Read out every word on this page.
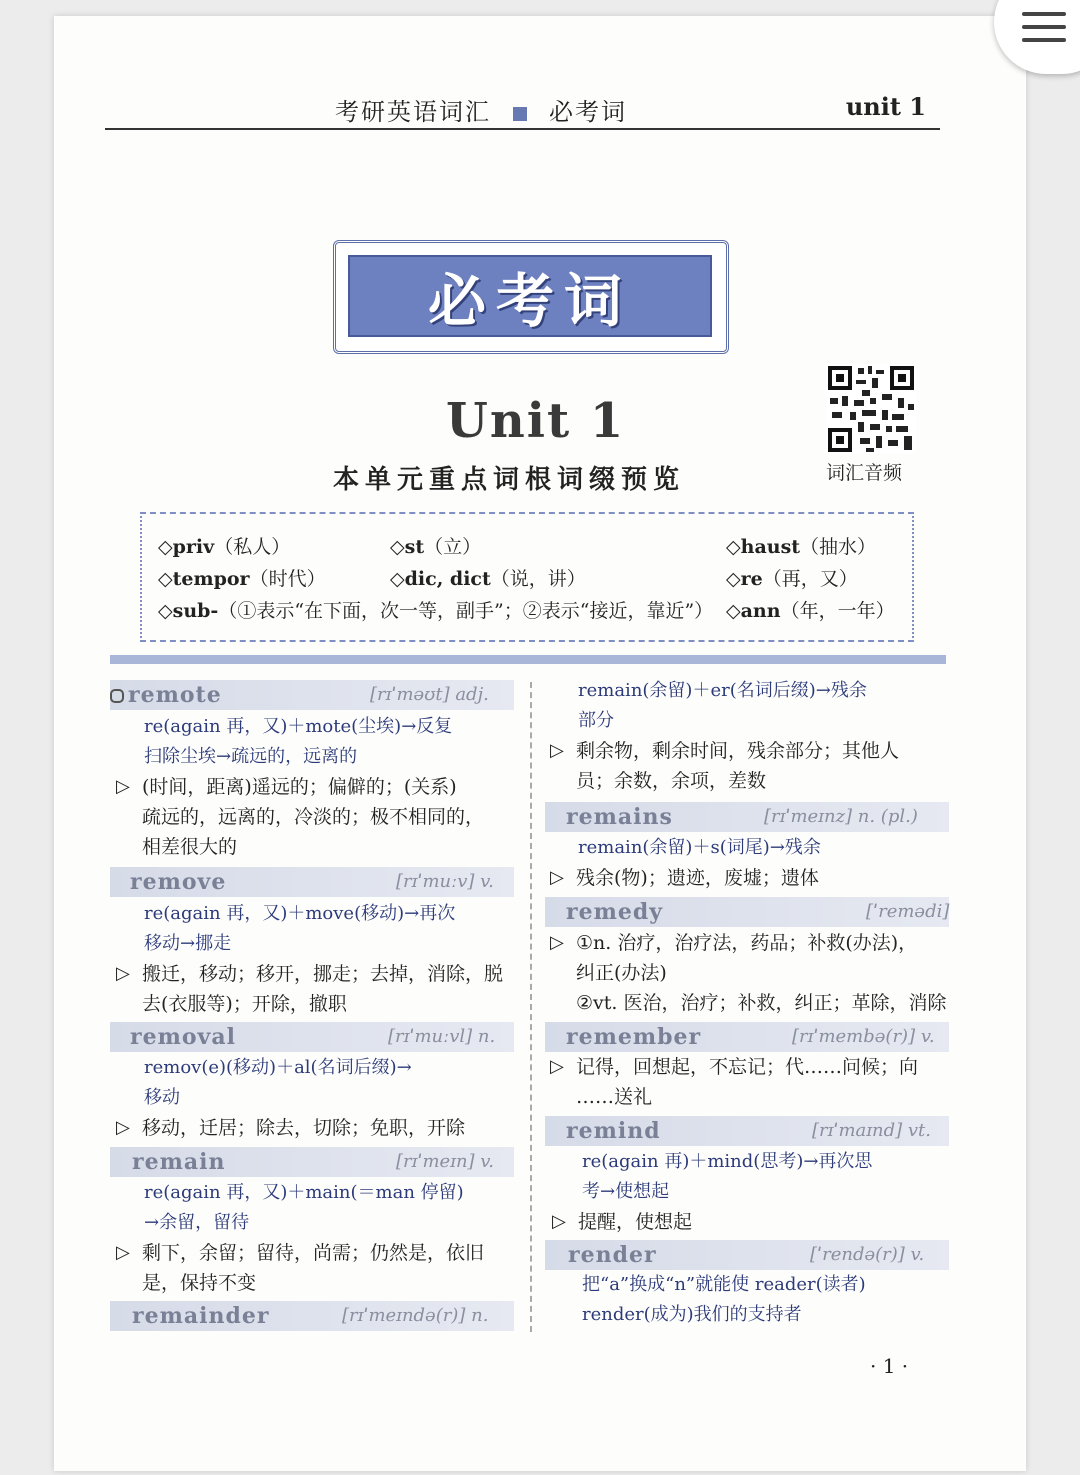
考研英语词汇 必考词	unit 1
必考词
词汇音频
Unit 1
本单元重点词根词缀预览
◇priv（私人）	◇st（立）	◇haust（抽水）
◇tempor（时代）	◇dic, dict（说，讲）	◇re（再，又）
◇sub-（①表示“在下面，次一等，副手”；②表示“接近，靠近”） ◇ann（年，一年）
remote	[rɪˈməʊt] adj.
re(again 再，又)＋mote(尘埃)→反复
扫除尘埃→疏远的，远离的
▷ (时间，距离)遥远的；偏僻的；(关系)
疏远的，远离的，冷淡的；极不相同的，
相差很大的
remove	[rɪˈmuːv] v.
re(again 再，又)＋move(移动)→再次
移动→挪走
▷ 搬迁，移动；移开，挪走；去掉，消除，脱
去(衣服等)；开除，撤职
removal	[rɪˈmuːvl] n.
remov(e)(移动)＋al(名词后缀)→
移动
▷ 移动，迁居；除去，切除；免职，开除
remain	[rɪˈmeɪn] v.
re(again 再，又)＋main(＝man 停留)
→余留，留待
▷ 剩下，余留；留待，尚需；仍然是，依旧
是，保持不变
remainder	[rɪˈmeɪndə(r)] n.
remain(余留)＋er(名词后缀)→残余
部分
▷ 剩余物，剩余时间，残余部分；其他人
员；余数，余项，差数
remains	[rɪˈmeɪnz] n. (pl.)
remain(余留)＋s(词尾)→残余
▷ 残余(物)；遗迹，废墟；遗体
remedy	[ˈremədi]
▷ ①n. 治疗，治疗法，药品；补救(办法)，
纠正(办法)
②vt. 医治，治疗；补救，纠正；革除，消除
remember	[rɪˈmembə(r)] v.
▷ 记得，回想起，不忘记；代……问候；向
……送礼
remind	[rɪˈmaɪnd] vt.
re(again 再)＋mind(思考)→再次思
考→使想起
▷ 提醒，使想起
render	[ˈrendə(r)] v.
把“a”换成“n”就能使 reader(读者)
render(成为)我们的支持者
· 1 ·
